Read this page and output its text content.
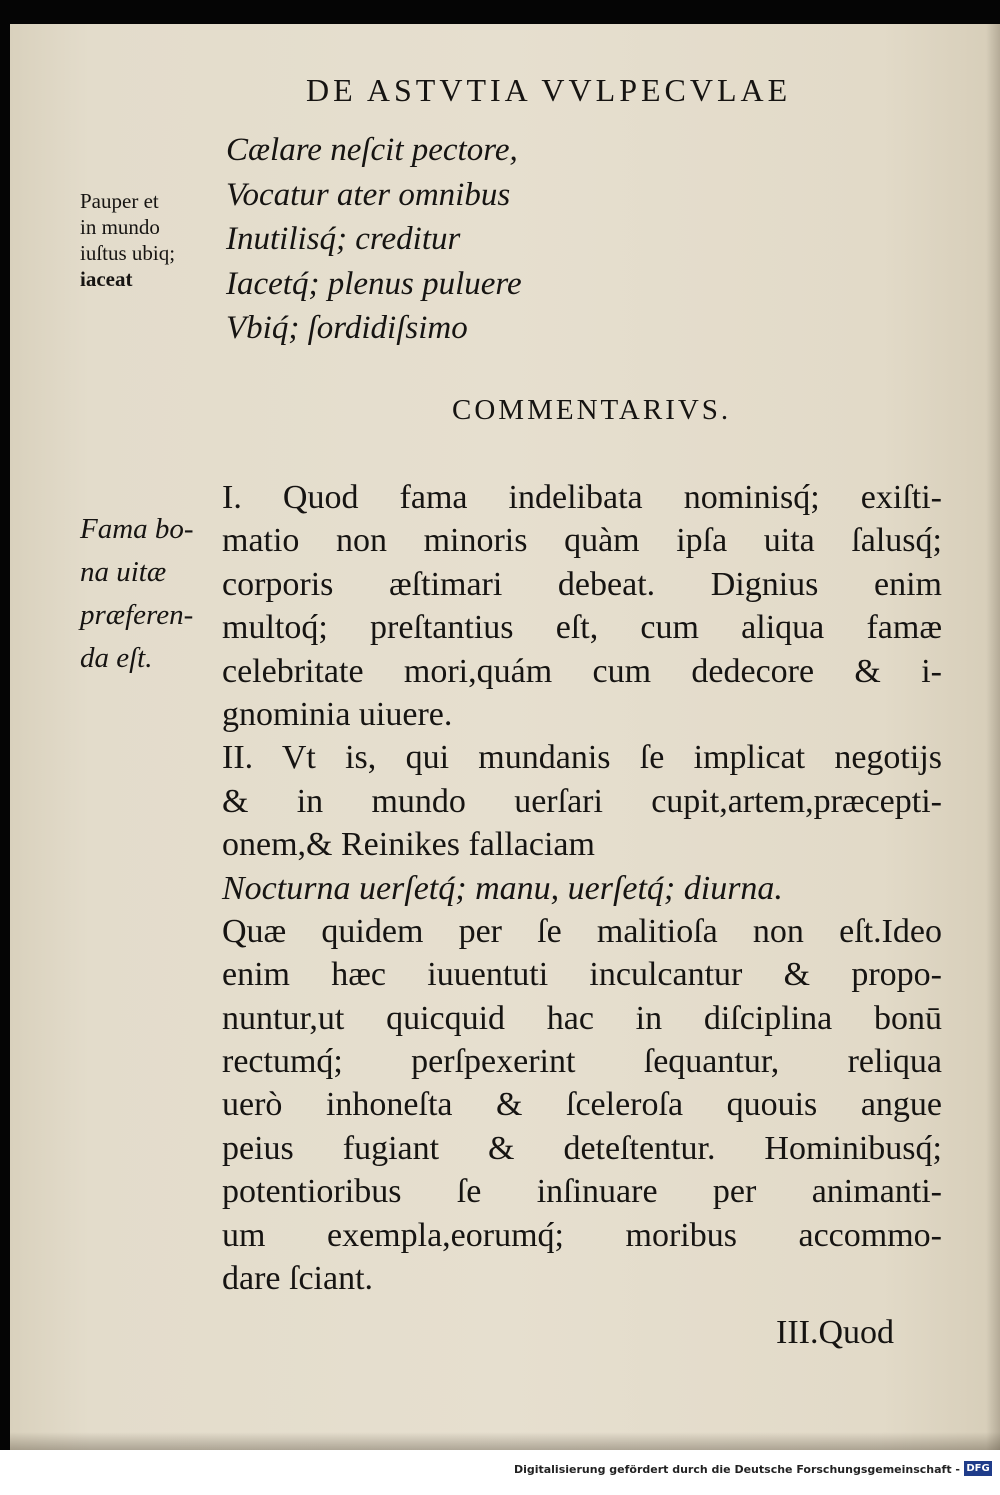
DE ASTVTIA VVLPECVLAE
Cælare neſcit pectore,
Vocatur ater omnibus
Inutilisq́; creditur
Iacetq́; plenus puluere
Vbiq́; ſordidiſsimo
Pauper et
in mundo
iuſtus ubiq;
iaceat
COMMENTARIVS.
Fama bo-
na uitæ
præferen-
da eſt.
I. Quod fama indelibata nominisq́; exiſti-
matio non minoris quàm ipſa uita ſalusq́;
corporis æſtimari debeat. Dignius enim
multoq́; preſtantius eſt, cum aliqua famæ
celebritate mori,quám cum dedecore & i-
gnominia uiuere.
II. Vt is, qui mundanis ſe implicat negotijs
& in mundo uerſari cupit,artem,præcepti-
onem,& Reinikes fallaciam
Nocturna uerſetq́; manu, uerſetq́; diurna.
Quæ quidem per ſe malitioſa non eſt.Ideo
enim hæc iuuentuti inculcantur & propo-
nuntur,ut quicquid hac in diſciplina bonū
rectumq́; perſpexerint ſequantur, reliqua
uerò inhoneſta & ſceleroſa quouis angue
peius fugiant & deteſtentur. Hominibusq́;
potentioribus ſe inſinuare per animanti-
um exempla,eorumq́; moribus accommo-
dare ſciant.
III.Quod
Digitalisierung gefördert durch die Deutsche Forschungsgemeinschaft - DFG
